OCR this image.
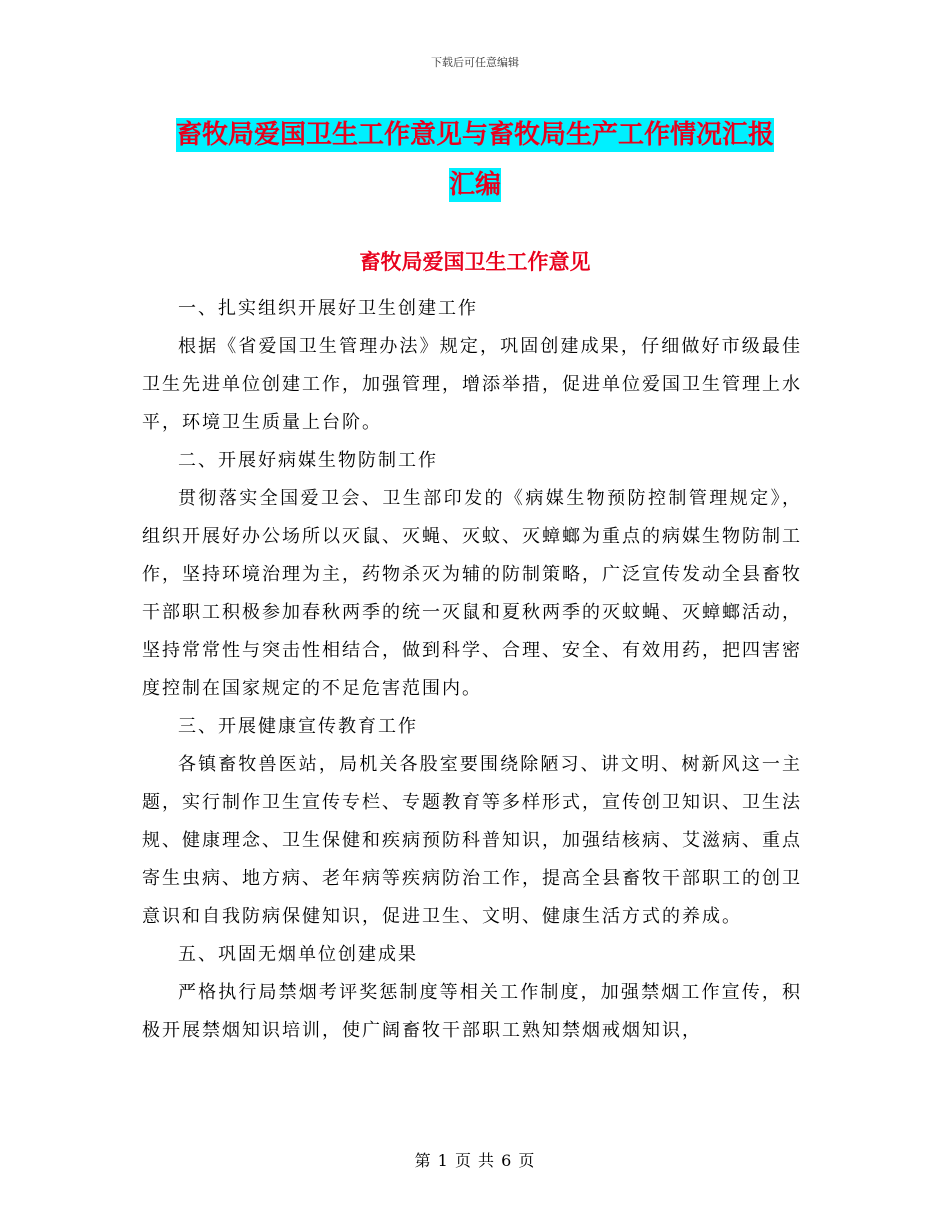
下载后可任意编辑
畜牧局爱国卫生工作意见与畜牧局生产工作情况汇报
汇编
畜牧局爱国卫生工作意见

一、扎实组织开展好卫生创建工作

根据《省爱国卫生管理办法》规定，巩固创建成果，仔细做好市级最佳卫生先进单位创建工作，加强管理，增添举措，促进单位爱国卫生管理上水平，环境卫生质量上台阶。

二、开展好病媒生物防制工作

贯彻落实全国爱卫会、卫生部印发的《病媒生物预防控制管理规定》，组织开展好办公场所以灭鼠、灭蝇、灭蚊、灭蟑螂为重点的病媒生物防制工作，坚持环境治理为主，药物杀灭为辅的防制策略，广泛宣传发动全县畜牧干部职工积极参加春秋两季的统一灭鼠和夏秋两季的灭蚊蝇、灭蟑螂活动，坚持常常性与突击性相结合，做到科学、合理、安全、有效用药，把四害密度控制在国家规定的不足危害范围内。

三、开展健康宣传教育工作

各镇畜牧兽医站，局机关各股室要围绕除陋习、讲文明、树新风这一主题，实行制作卫生宣传专栏、专题教育等多样形式，宣传创卫知识、卫生法规、健康理念、卫生保健和疾病预防科普知识，加强结核病、艾滋病、重点寄生虫病、地方病、老年病等疾病防治工作，提高全县畜牧干部职工的创卫意识和自我防病保健知识，促进卫生、文明、健康生活方式的养成。

五、巩固无烟单位创建成果

严格执行局禁烟考评奖惩制度等相关工作制度，加强禁烟工作宣传，积极开展禁烟知识培训，使广阔畜牧干部职工熟知禁烟戒烟知识，

第 1 页 共 6 页
